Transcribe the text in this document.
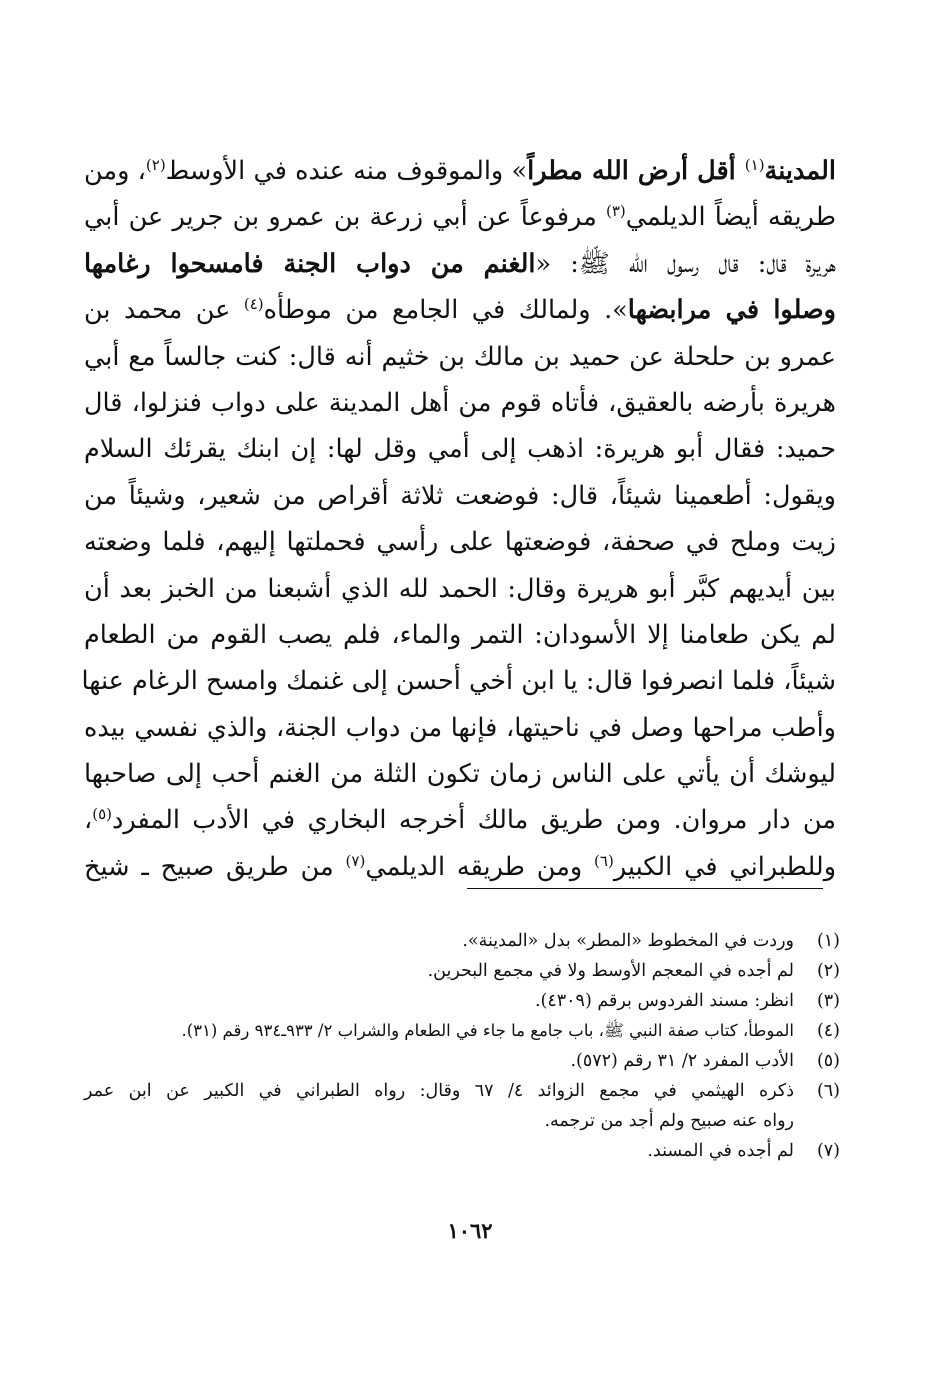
المدينة$^{(١)}$ أقل أرض الله مطراً» والموقوف منه عنده في الأوسط$^{(٢)}$، ومن
طريقه أيضاً الديلمي$^{(٣)}$ مرفوعاً عن أبي زرعة بن عمرو بن جرير عن أبي
هريرة قال: قال رسول الله ﷺ: «الغنم من دواب الجنة فامسحوا رغامها
وصلوا في مرابضها». ولمالك في الجامع من موطأه$^{(٤)}$ عن محمد بن
عمرو بن حلحلة عن حميد بن مالك بن خثيم أنه قال: كنت جالساً مع أبي
هريرة بأرضه بالعقيق، فأتاه قوم من أهل المدينة على دواب فنزلوا، قال
حميد: فقال أبو هريرة: اذهب إلى أمي وقل لها: إن ابنك يقرئك السلام
ويقول: أطعمينا شيئاً، قال: فوضعت ثلاثة أقراص من شعير، وشيئاً من
زيت وملح في صحفة، فوضعتها على رأسي فحملتها إليهم، فلما وضعته
بين أيديهم كبَّر أبو هريرة وقال: الحمد لله الذي أشبعنا من الخبز بعد أن
لم يكن طعامنا إلا الأسودان: التمر والماء، فلم يصب القوم من الطعام
شيئاً، فلما انصرفوا قال: يا ابن أخي أحسن إلى غنمك وامسح الرغام عنها
وأطب مراحها وصل في ناحيتها، فإنها من دواب الجنة، والذي نفسي بيده
ليوشك أن يأتي على الناس زمان تكون الثلة من الغنم أحب إلى صاحبها
من دار مروان. ومن طريق مالك أخرجه البخاري في الأدب المفرد$^{(٥)}$،
وللطبراني في الكبير$^{(٦)}$ ومن طريقه الديلمي$^{(٧)}$ من طريق صبيح ـ شيخ
(١)
وردت في المخطوط «المطر» بدل «المدينة».
(٢)
لم أجده في المعجم الأوسط ولا في مجمع البحرين.
(٣)
انظر: مسند الفردوس برقم (٤٣٠٩).
(٤)
الموطأ، كتاب صفة النبي ﷺ، باب جامع ما جاء في الطعام والشراب ٢/ ٩٣٣ـ٩٣٤ رقم (٣١).
(٥)
الأدب المفرد ٢/ ٣١ رقم (٥٧٢).
(٦)
ذكره الهيثمي في مجمع الزوائد ٤/ ٦٧ وقال: رواه الطبراني في الكبير عن ابن عمر
رواه عنه صبيح ولم أجد من ترجمه.
(٧)
لم أجده في المسند.
١٠٦٢
